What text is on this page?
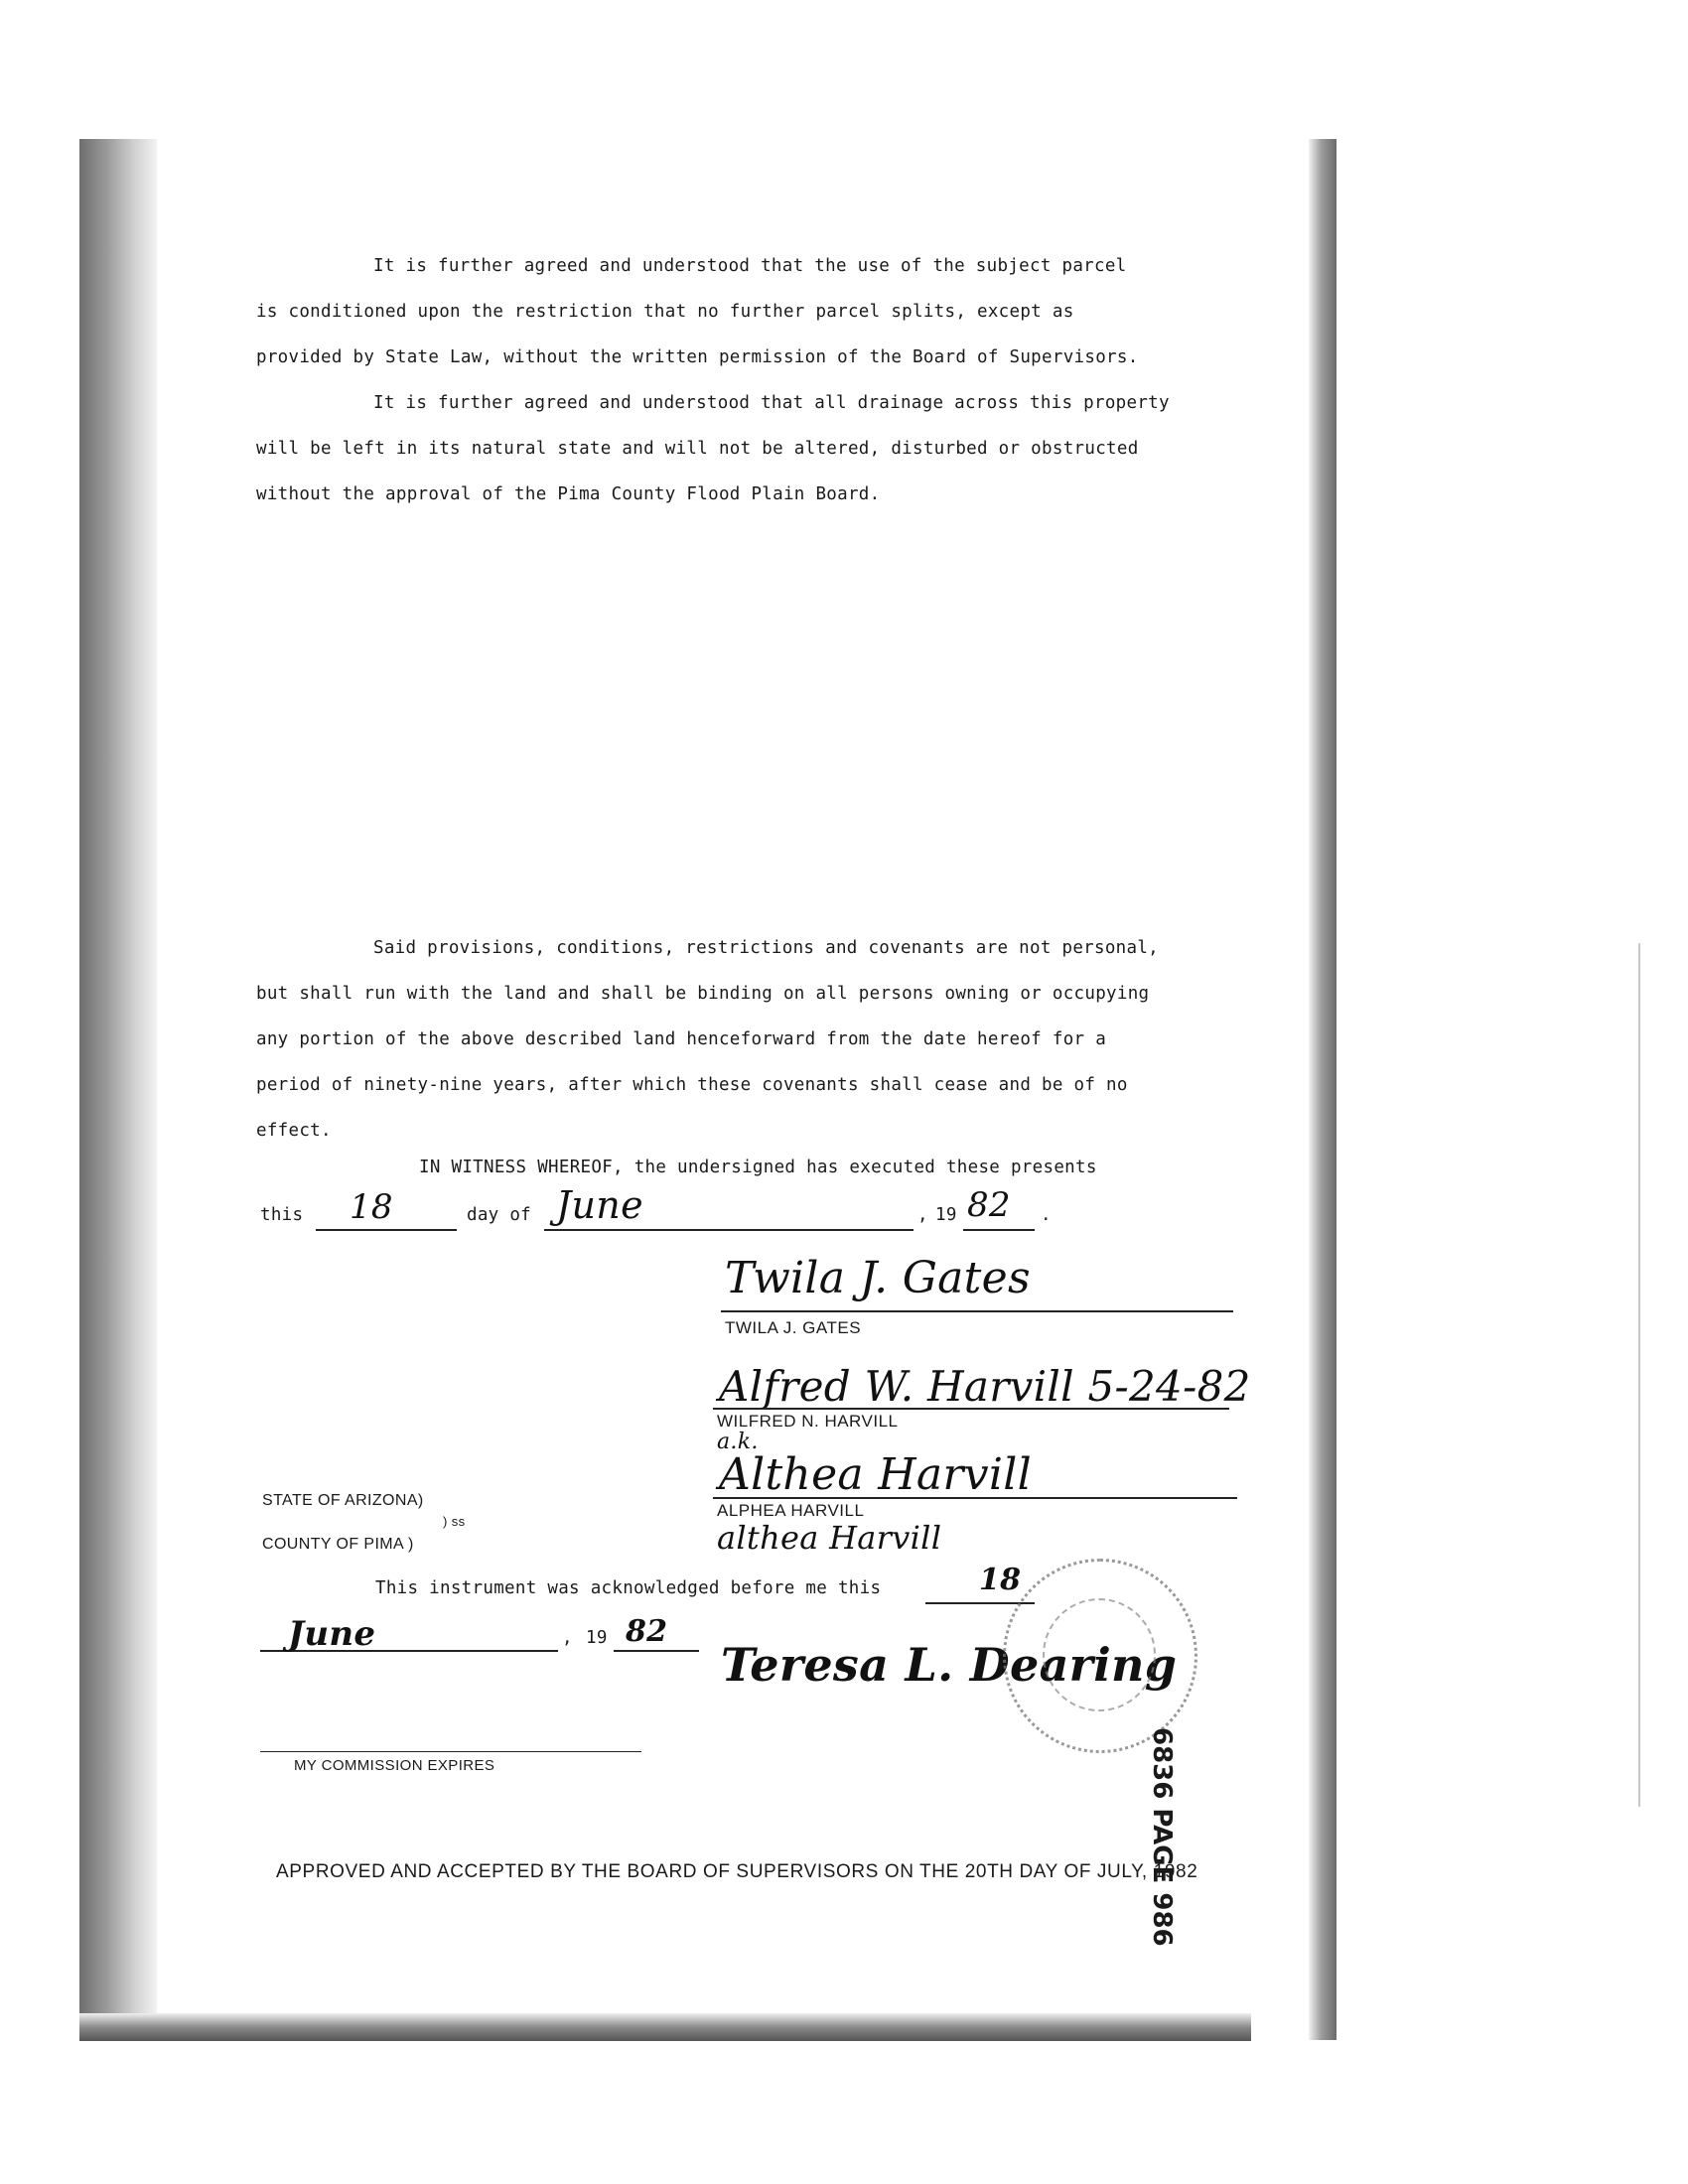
It is further agreed and understood that the use of the subject parcel
is conditioned upon the restriction that no further parcel splits, except as
provided by State Law, without the written permission of the Board of Supervisors.
It is further agreed and understood that all drainage across this property
will be left in its natural state and will not be altered, disturbed or obstructed
without the approval of the Pima County Flood Plain Board.
Said provisions, conditions, restrictions and covenants are not personal,
but shall run with the land and shall be binding on all persons owning or occupying
any portion of the above described land henceforward from the date hereof for a
period of ninety-nine years, after which these covenants shall cease and be of no
effect.
IN WITNESS WHEREOF, the undersigned has executed these presents
this 18	day of June	, 19 82 .
Twila J. Gates
TWILA J. GATES
Alfred W. Harvill 5-24-82
WILFRED N. HARVILL
a.k.
Althea Harvill
ALPHEA HARVILL
althea Harvill
STATE OF ARIZONA)
) ss
COUNTY OF PIMA )
This instrument was acknowledged before me this	18
June	, 19 82
Teresa L. Dearing
MY COMMISSION EXPIRES	6836 PAGE 986
APPROVED AND ACCEPTED BY THE BOARD OF SUPERVISORS ON THE 20TH DAY OF JULY, 1982
